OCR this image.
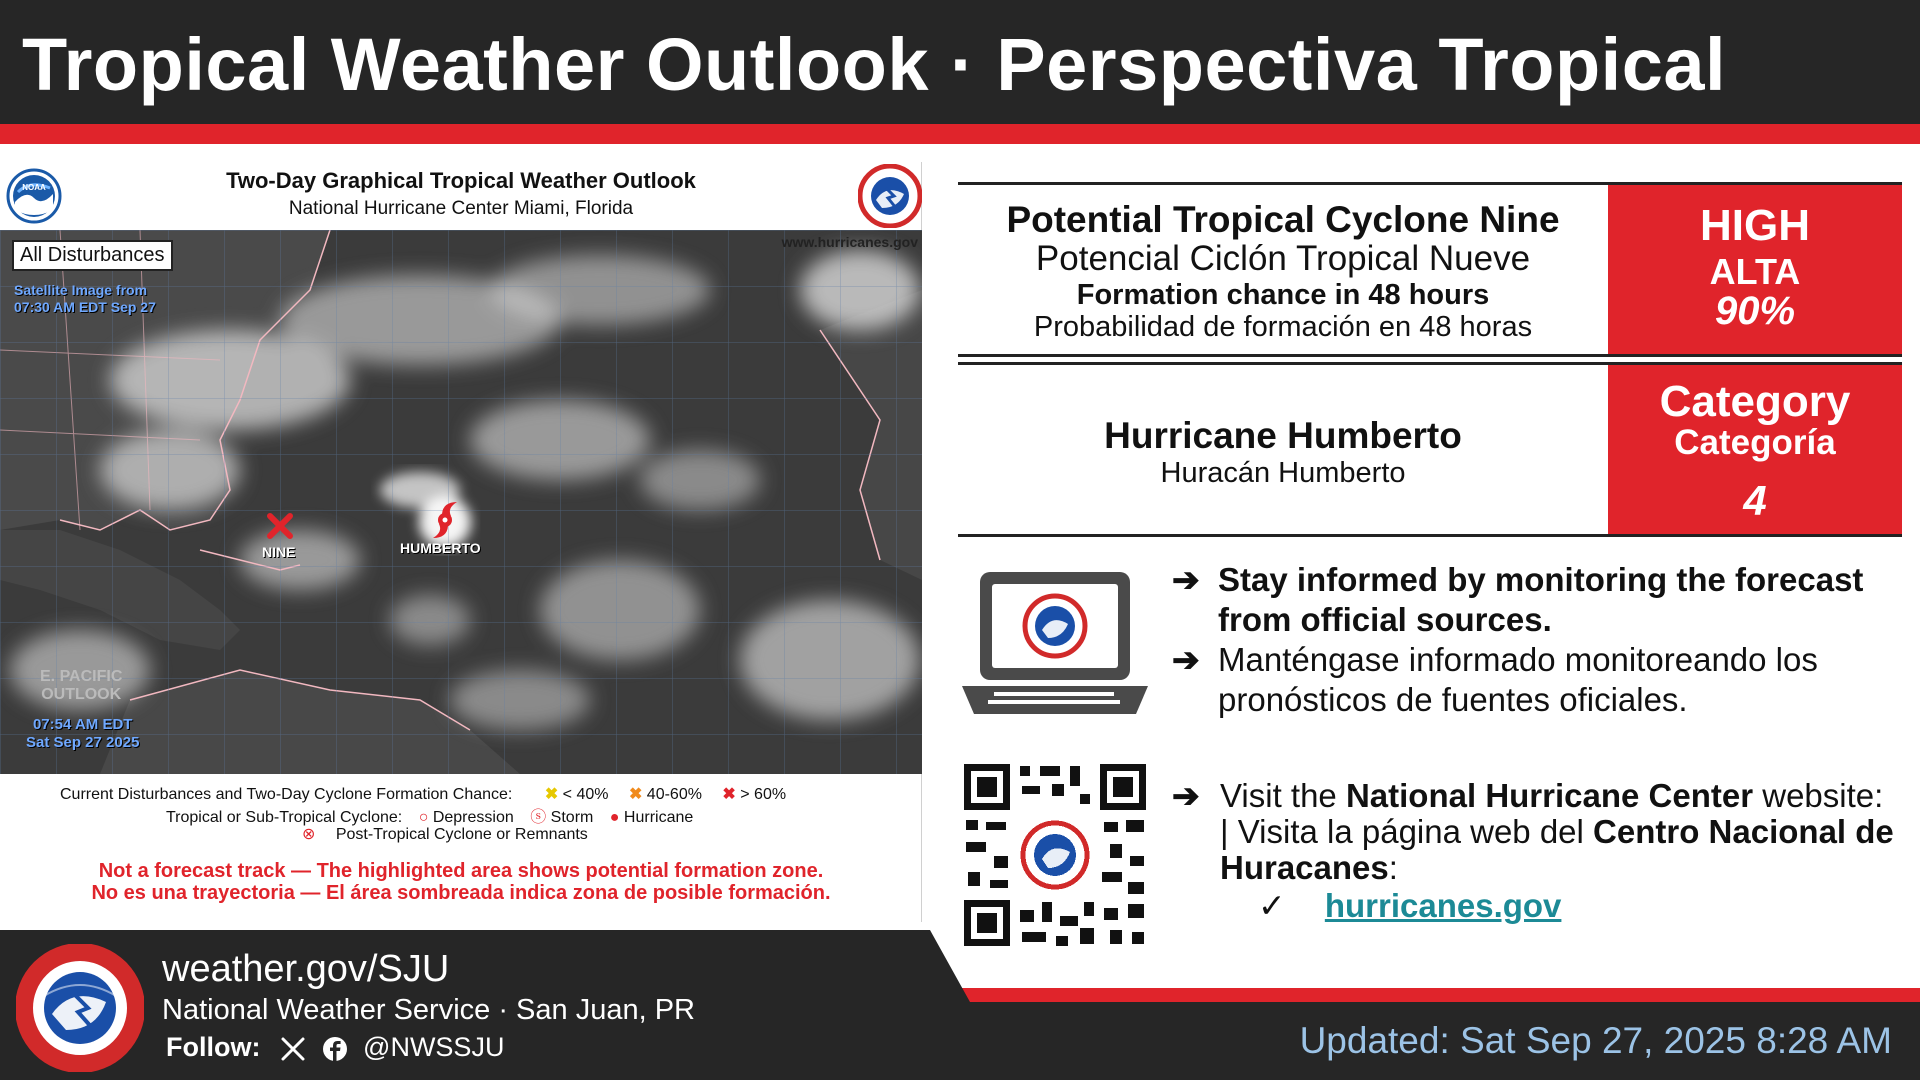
Tropical Weather Outlook · Perspectiva Tropical
NOAA	Two-Day Graphical Tropical Weather Outlook
National Hurricane Center Miami, Florida
All Disturbances
Satellite Image from
07:30 AM EDT Sep 27
www.hurricanes.gov
NINE	HUMBERTO
E. PACIFIC
OUTLOOK
07:54 AM EDT
Sat Sep 27 2025
Current Disturbances and Two-Day Cyclone Formation Chance: ✖ < 40% ✖ 40-60% ✖ > 60%
Tropical or Sub-Tropical Cyclone: ○ Depression ⓢ Storm ● Hurricane
⊗ Post-Tropical Cyclone or Remnants
Not a forecast track — The highlighted area shows potential formation zone.
No es una trayectoria — El área sombreada indica zona de posible formación.
Potential Tropical Cyclone Nine
Potencial Ciclón Tropical Nueve
Formation chance in 48 hours
Probabilidad de formación en 48 horas
HIGH
ALTA
90%
Hurricane Humberto
Huracán Humberto
Category
Categoría
4
➔ Stay informed by monitoring the forecast from official sources.
➔ Manténgase informado monitoreando los pronósticos de fuentes oficiales.
➔ Visit the National Hurricane Center website: | Visita la página web del Centro Nacional de Huracanes:
✓ hurricanes.gov
weather.gov/SJU
National Weather Service · San Juan, PR
Follow:	@NWSSJU	Updated: Sat Sep 27, 2025 8:28 AM
